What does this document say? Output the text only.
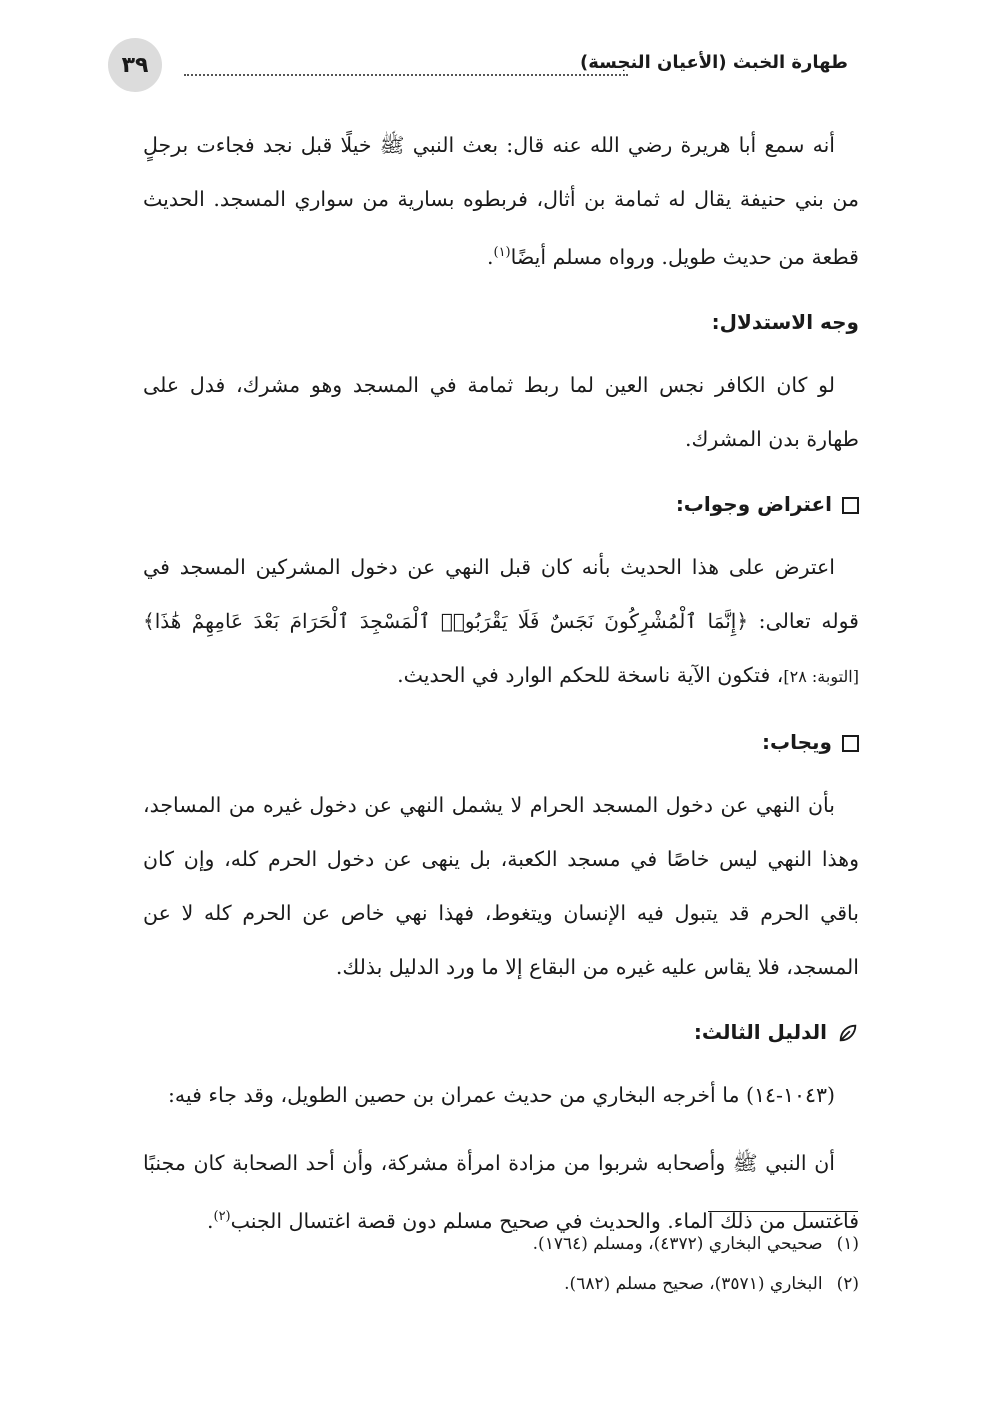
٣٩	طهارة الخبث (الأعيان النجسة)

أنه سمع أبا هريرة رضي الله عنه قال: بعث النبي ﷺ خيلًا قبل نجد فجاءت برجلٍ من بني حنيفة يقال له ثمامة بن أثال، فربطوه بسارية من سواري المسجد. الحديث قطعة من حديث طويل. ورواه مسلم أيضًا$^{(١)}$.

وجه الاستدلال:

لو كان الكافر نجس العين لما ربط ثمامة في المسجد وهو مشرك، فدل على طهارة بدن المشرك.

اعتراض وجواب:

اعترض على هذا الحديث بأنه كان قبل النهي عن دخول المشركين المسجد في قوله تعالى: ﴿إِنَّمَا ٱلْمُشْرِكُونَ نَجَسٌ فَلَا يَقْرَبُوا۟ ٱلْمَسْجِدَ ٱلْحَرَامَ بَعْدَ عَامِهِمْ هَٰذَا﴾ [التوبة: ٢٨]، فتكون الآية ناسخة للحكم الوارد في الحديث.

ويجاب:

بأن النهي عن دخول المسجد الحرام لا يشمل النهي عن دخول غيره من المساجد، وهذا النهي ليس خاصًا في مسجد الكعبة، بل ينهى عن دخول الحرم كله، وإن كان باقي الحرم قد يتبول فيه الإنسان ويتغوط، فهذا نهي خاص عن الحرم كله لا عن المسجد، فلا يقاس عليه غيره من البقاع إلا ما ورد الدليل بذلك.

الدليل الثالث:

(١٠٤٣-١٤) ما أخرجه البخاري من حديث عمران بن حصين الطويل، وقد جاء فيه:

أن النبي ﷺ وأصحابه شربوا من مزادة امرأة مشركة، وأن أحد الصحابة كان مجنبًا فاغتسل من ذلك الماء. والحديث في صحيح مسلم دون قصة اغتسال الجنب$^{(٢)}$.

(١)صحيحي البخاري (٤٣٧٢)، ومسلم (١٧٦٤).

(٢)البخاري (٣٥٧١)، صحيح مسلم (٦٨٢).
